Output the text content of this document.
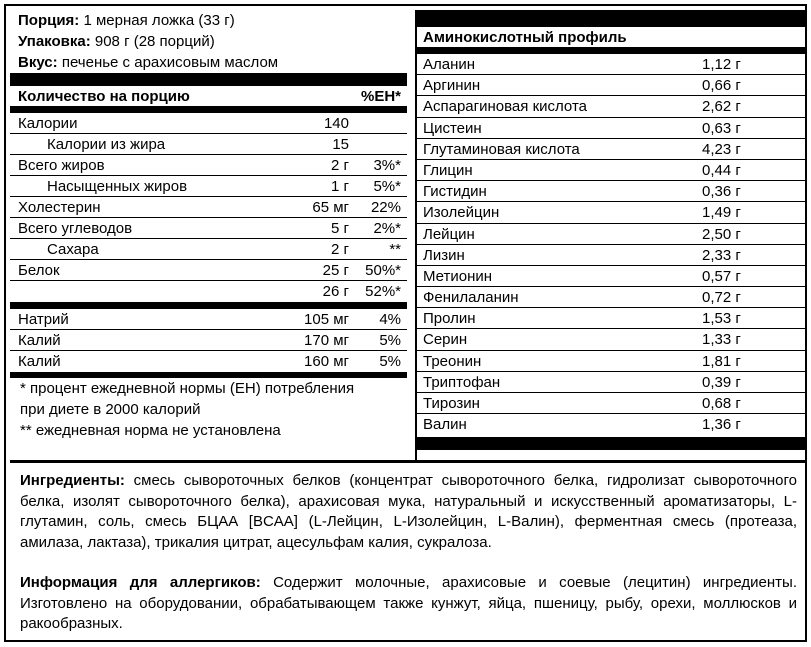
Порция: 1 мерная ложка (33 г)
Упаковка: 908 г (28 порций)
Вкус: печенье с арахисовым маслом
Количество на порцию	%ЕН*
Калории	140
Калории из жира	15
Всего жиров	2 г 3%*
Насыщенных жиров	1 г 5%*
Холестерин	65 мг 22%
Всего углеводов	5 г 2%*
Сахара	2 г	**
Белок	25 г 50%*
26 г 52%*
Натрий	105 мг 4%
Калий	170 мг 5%
Калий	160 мг 5%
* процент ежедневной нормы (ЕН) потребления
при диете в 2000 калорий
** ежедневная норма не установлена
Аминокислотный профиль
Аланин	1,12 г
Аргинин	0,66 г
Аспарагиновая кислота	2,62 г
Цистеин	0,63 г
Глутаминовая кислота	4,23 г
Глицин	0,44 г
Гистидин	0,36 г
Изолейцин	1,49 г
Лейцин	2,50 г
Лизин	2,33 г
Метионин	0,57 г
Фенилаланин	0,72 г
Пролин	1,53 г
Серин	1,33 г
Треонин	1,81 г
Триптофан	0,39 г
Тирозин	0,68 г
Валин	1,36 г

Ингредиенты: смесь сывороточных белков (концентрат сывороточного белка, гидролизат сывороточного белка, изолят сывороточного белка), арахисовая мука, натуральный и искусственный ароматизаторы, L-глутамин, соль, смесь БЦАА [BCAA] (L-Лейцин, L-Изолейцин, L-Валин), ферментная смесь (протеаза, амилаза, лактаза), трикалия цитрат, ацесульфам калия, сукралоза.

Информация для аллергиков: Содержит молочные, арахисовые и соевые (лецитин) ингредиенты. Изготовлено на оборудовании, обрабатывающем также кунжут, яйца, пшеницу, рыбу, орехи, моллюсков и ракообразных.
